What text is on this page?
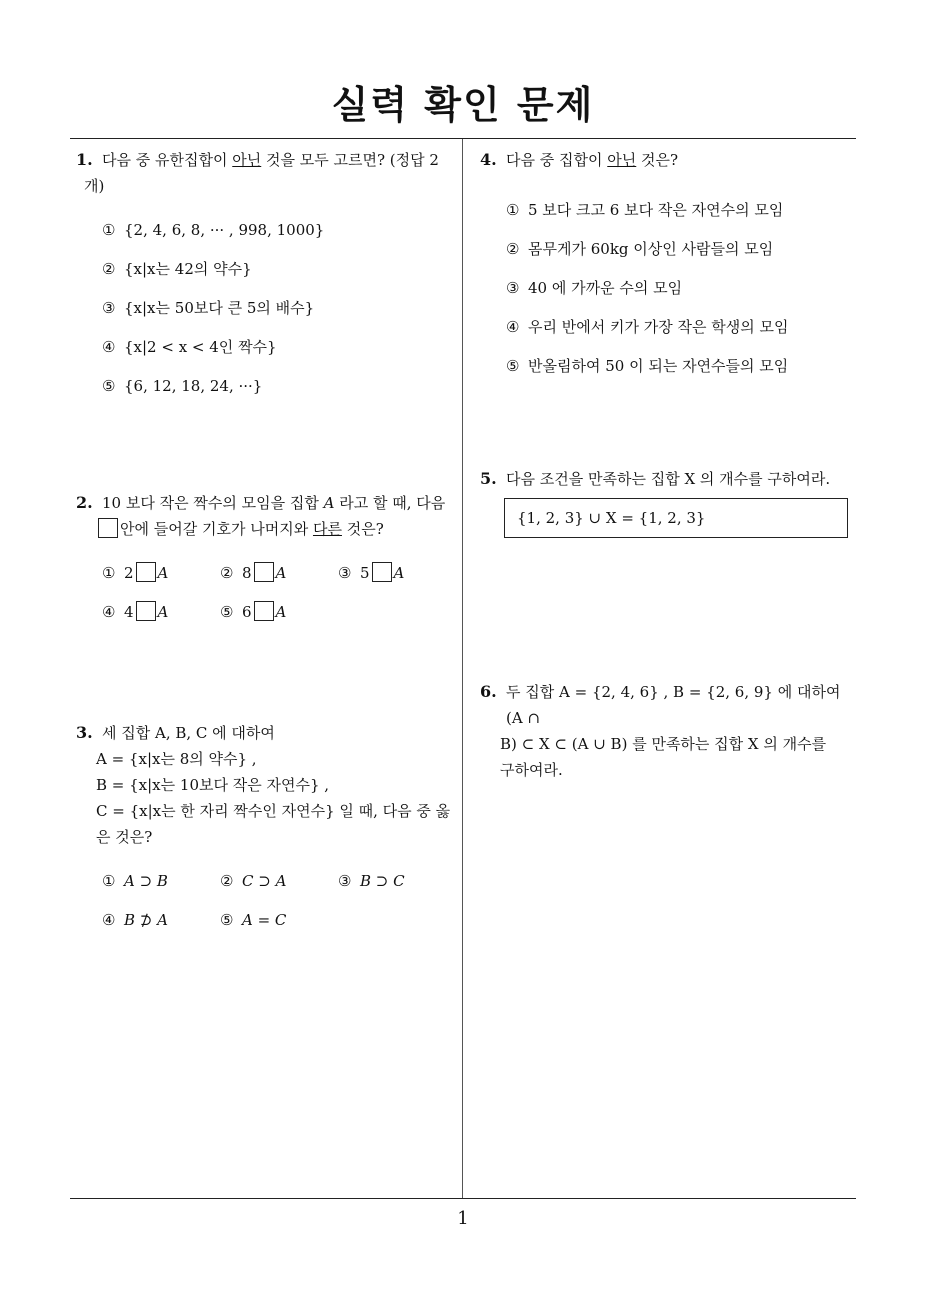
실력 확인 문제
1
1. 다음 중 유한집합이 아닌 것을 모두 고르면? (정답 2
개)
① {2, 4, 6, 8, ··· , 998, 1000}
② {x|x는 42의 약수}
③ {x|x는 50보다 큰 5의 배수}
④ {x|2 < x < 4인 짝수}
⑤ {6, 12, 18, 24, ···}
2. 10 보다 작은 짝수의 모임을 집합 A 라고 할 때, 다음
안에 들어갈 기호가 나머지와 다른 것은?
① 2 A	② 8 A	③ 5 A
④ 4 A	⑤ 6 A
3. 세 집합 A, B, C 에 대하여
A = {x|x는 8의 약수} ,
B = {x|x는 10보다 작은 자연수} ,
C = {x|x는 한 자리 짝수인 자연수} 일 때, 다음 중 옳
은 것은?
① A ⊃ B	② C ⊃ A	③ B ⊃ C
④ B ⊅ A	⑤ A = C
4. 다음 중 집합이 아닌 것은?
① 5 보다 크고 6 보다 작은 자연수의 모임
② 몸무게가 60kg 이상인 사람들의 모임
③ 40 에 가까운 수의 모임
④ 우리 반에서 키가 가장 작은 학생의 모임
⑤ 반올림하여 50 이 되는 자연수들의 모임
5. 다음 조건을 만족하는 집합 X 의 개수를 구하여라.
{1, 2, 3} ∪ X = {1, 2, 3}
6. 두 집합 A = {2, 4, 6} , B = {2, 6, 9} 에 대하여 (A ∩
B) ⊂ X ⊂ (A ∪ B) 를 만족하는 집합 X 의 개수를
구하여라.
